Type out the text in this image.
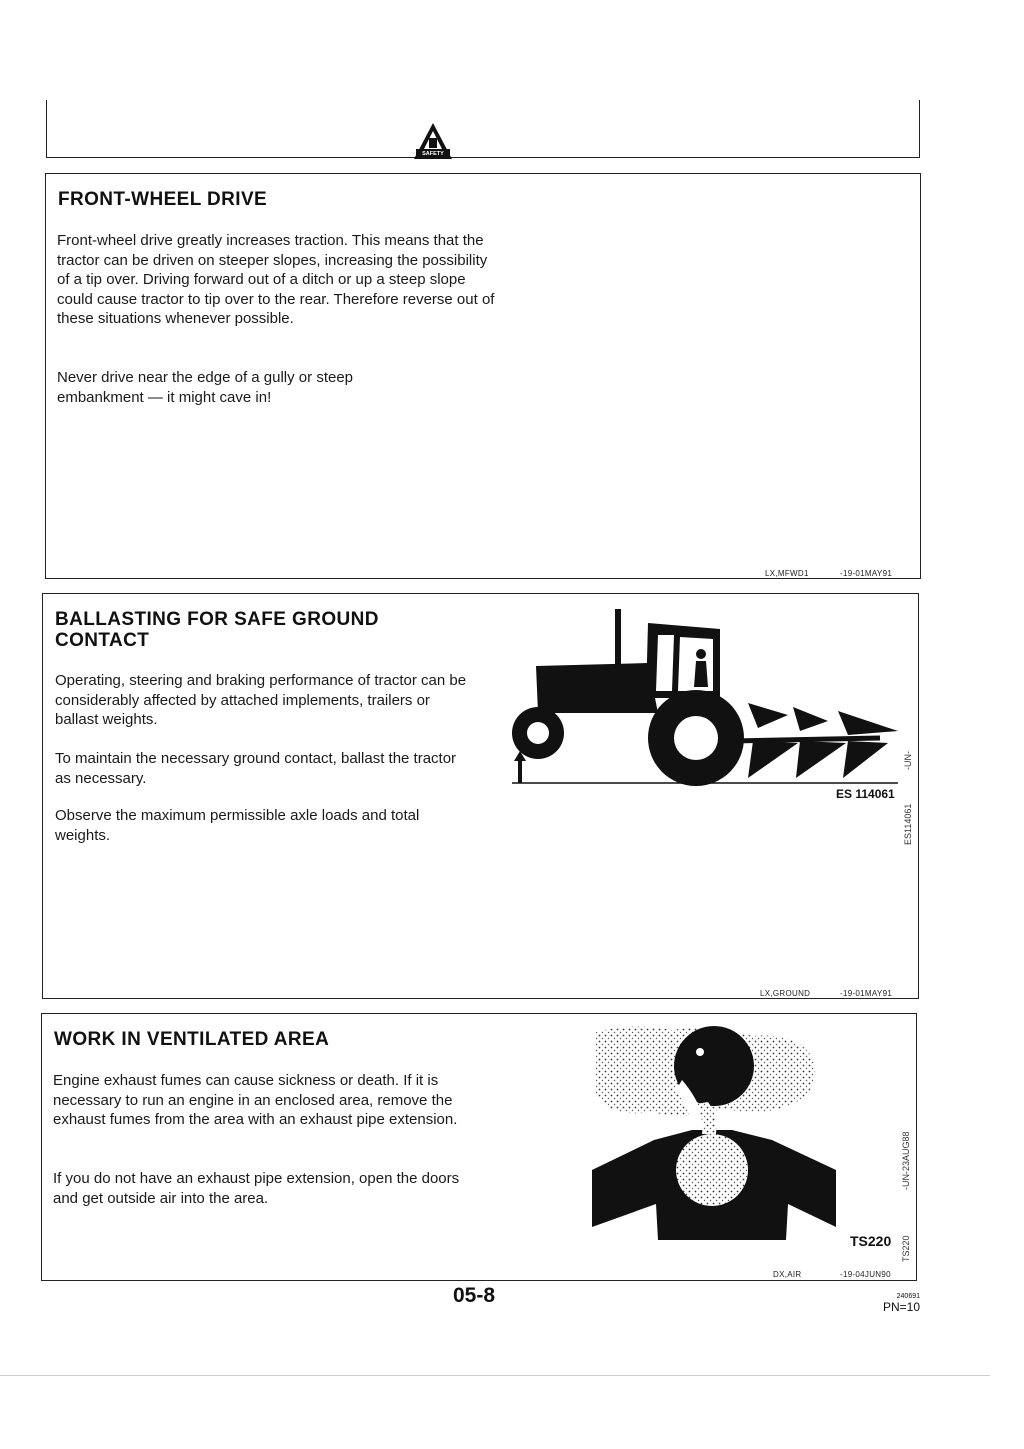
SAFETY
FRONT-WHEEL DRIVE

Front-wheel drive greatly increases traction. This means that the tractor can be driven on steeper slopes, increasing the possibility of a tip over. Driving forward out of a ditch or up a steep slope could cause tractor to tip over to the rear. Therefore reverse out of these situations whenever possible.

Never drive near the edge of a gully or steep embankment — it might cave in!

LX,MFWD1	-19-01MAY91
BALLASTING FOR SAFE GROUND
CONTACT

Operating, steering and braking performance of tractor can be considerably affected by attached implements, trailers or ballast weights.

To maintain the necessary ground contact, ballast the tractor as necessary.

Observe the maximum permissible axle loads and total weights.

ES 114061
-UN-
ES114061
LX,GROUND	-19-01MAY91
WORK IN VENTILATED AREA

Engine exhaust fumes can cause sickness or death. If it is necessary to run an engine in an enclosed area, remove the exhaust fumes from the area with an exhaust pipe extension.

If you do not have an exhaust pipe extension, open the doors and get outside air into the area.

TS220
-UN-23AUG88
TS220
DX,AIR	-19-04JUN90
05-8	240691
PN=10
